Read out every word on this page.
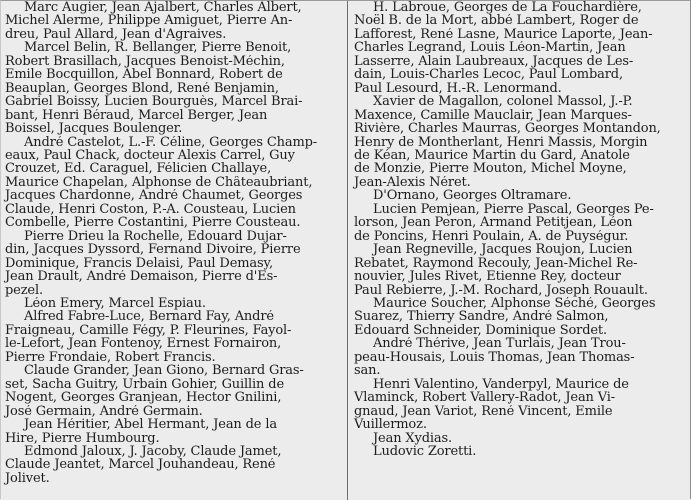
Marc Augier, Jean Ajalbert, Charles Albert,
Michel Alerme, Philippe Amiguet, Pierre An-
dreu, Paul Allard, Jean d'Agraives.
Marcel Belin, R. Bellanger, Pierre Benoit,
Robert Brasillach, Jacques Benoist-Méchin,
Emile Bocquillon, Abel Bonnard, Robert de
Beauplan, Georges Blond, René Benjamin,
Gabriel Boissy, Lucien Bourguès, Marcel Brai-
bant, Henri Béraud, Marcel Berger, Jean
Boissel, Jacques Boulenger.
André Castelot, L.-F. Céline, Georges Champ-
eaux, Paul Chack, docteur Alexis Carrel, Guy
Crouzet, Ed. Caraguel, Félicien Challaye,
Maurice Chapelan, Alphonse de Châteaubriant,
Jacques Chardonne, André Chaumet, Georges
Claude, Henri Coston, P.-A. Cousteau, Lucien
Combelle, Pierre Costantini, Pierre Cousteau.
Pierre Drieu la Rochelle, Edouard Dujar-
din, Jacques Dyssord, Fernand Divoire, Pierre
Dominique, Francis Delaisi, Paul Demasy,
Jean Drault, André Demaison, Pierre d'Es-
pezel.
Léon Emery, Marcel Espiau.
Alfred Fabre-Luce, Bernard Fay, André
Fraigneau, Camille Fégy, P. Fleurines, Fayol-
le-Lefort, Jean Fontenoy, Ernest Fornairon,
Pierre Frondaie, Robert Francis.
Claude Grander, Jean Giono, Bernard Gras-
set, Sacha Guitry, Urbain Gohier, Guillin de
Nogent, Georges Granjean, Hector Gnilini,
José Germain, André Germain.
Jean Héritier, Abel Hermant, Jean de la
Hire, Pierre Humbourg.
Edmond Jaloux, J. Jacoby, Claude Jamet,
Claude Jeantet, Marcel Jouhandeau, René
Jolivet.
H. Labroue, Georges de La Fouchardière,
Noël B. de la Mort, abbé Lambert, Roger de
Lafforest, René Lasne, Maurice Laporte, Jean-
Charles Legrand, Louis Léon-Martin, Jean
Lasserre, Alain Laubreaux, Jacques de Les-
dain, Louis-Charles Lecoc, Paul Lombard,
Paul Lesourd, H.-R. Lenormand.
Xavier de Magallon, colonel Massol, J.-P.
Maxence, Camille Mauclair, Jean Marques-
Rivière, Charles Maurras, Georges Montandon,
Henry de Montherlant, Henri Massis, Morgin
de Kéan, Maurice Martin du Gard, Anatole
de Monzie, Pierre Mouton, Michel Moyne,
Jean-Alexis Néret.
D'Ornano, Georges Oltramare.
Lucien Pemjean, Pierre Pascal, Georges Pe-
lorson, Jean Peron, Armand Petitjean, Léon
de Poncins, Henri Poulain, A. de Puységur.
Jean Regneville, Jacques Roujon, Lucien
Rebatet, Raymond Recouly, Jean-Michel Re-
nouvier, Jules Rivet, Etienne Rey, docteur
Paul Rebierre, J.-M. Rochard, Joseph Rouault.
Maurice Soucher, Alphonse Séché, Georges
Suarez, Thierry Sandre, André Salmon,
Edouard Schneider, Dominique Sordet.
André Thérive, Jean Turlais, Jean Trou-
peau-Housais, Louis Thomas, Jean Thomas-
san.
Henri Valentino, Vanderpyl, Maurice de
Vlaminck, Robert Vallery-Radot, Jean Vi-
gnaud, Jean Variot, René Vincent, Emile
Vuillermoz.
Jean Xydias.
Ludovic Zoretti.
